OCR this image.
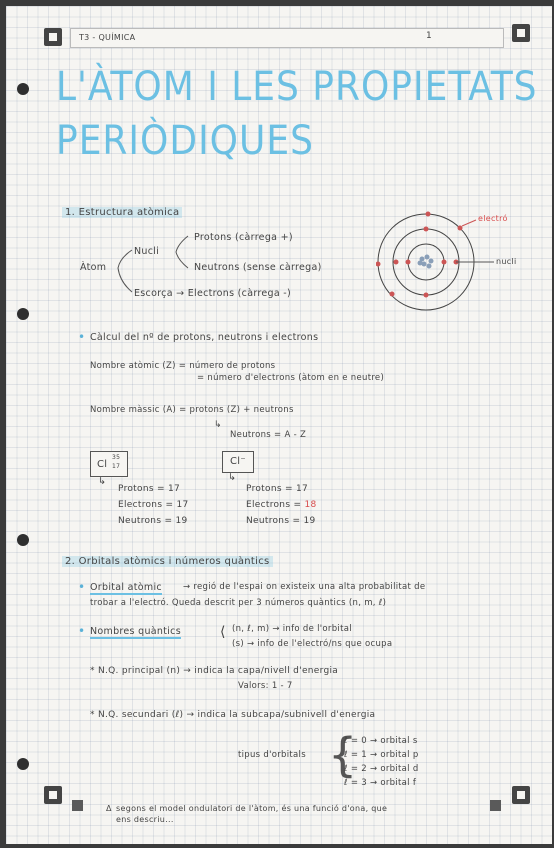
T3 - QUÍMICA	1
L'ÀTOM I LES PROPIETATS
PERIÒDIQUES
1. Estructura atòmica
Àtom
Nucli
Protons (càrrega +)
Neutrons (sense càrrega)
Escorça → Electrons (càrrega -)
electró
nucli
• Càlcul del nº de protons, neutrons i electrons
Nombre atòmic (Z) = número de protons
= número d'electrons (àtom en e neutre)
Nombre màssic (A) = protons (Z) + neutrons
↳
Neutrons = A - Z
Cl
35
17
↳
Protons = 17
Electrons = 17
Neutrons = 19
Cl⁻
↳
Protons = 17
Electrons = 18
Neutrons = 19
2. Orbitals atòmics i números quàntics
• Orbital atòmic → regió de l'espai on existeix una alta probabilitat de
trobar a l'electró. Queda descrit per 3 números quàntics (n, m, ℓ)
• Nombres quàntics	⟨ (n, ℓ, m) → info de l'orbital
(s) → info de l'electró/ns que ocupa
* N.Q. principal (n) → indica la capa/nivell d'energia
Valors: 1 - 7
* N.Q. secundari (ℓ) → indica la subcapa/subnivell d'energia
tipus d'orbitals {
ℓ = 0 → orbital s
ℓ = 1 → orbital p
ℓ = 2 → orbital d
ℓ = 3 → orbital f
Δ segons el model ondulatori de l'àtom, és una funció d'ona, que
ens descriu...
